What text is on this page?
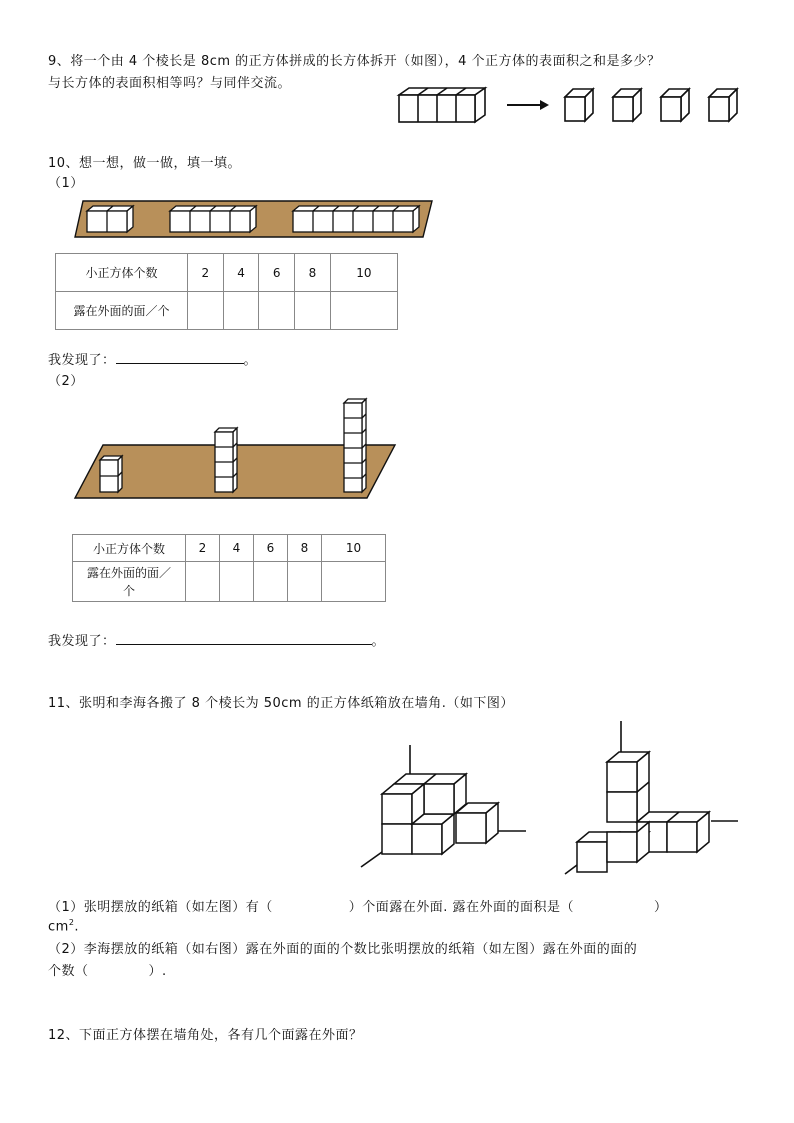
9、将一个由 4 个棱长是 8cm 的正方体拼成的长方体拆开（如图），4 个正方体的表面积之和是多少？
与长方体的表面积相等吗？与同伴交流。
10、想一想，做一做，填一填。
（1）
小正方体个数	2	4	6	8	10
露在外面的面／个					
我发现了：	。
（2）
小正方体个数	2	4	6	8	10
露在外面的面／
个					
我发现了：	。
11、张明和李海各搬了 8 个棱长为 50cm 的正方体纸箱放在墙角.（如下图）
（1）张明摆放的纸箱（如左图）有（	）个面露在外面. 露在外面的面积是（	）
$cm^2$.
（2）李海摆放的纸箱（如右图）露在外面的面的个数比张明摆放的纸箱（如左图）露在外面的面的
个数（	）.
12、下面正方体摆在墙角处，各有几个面露在外面？
